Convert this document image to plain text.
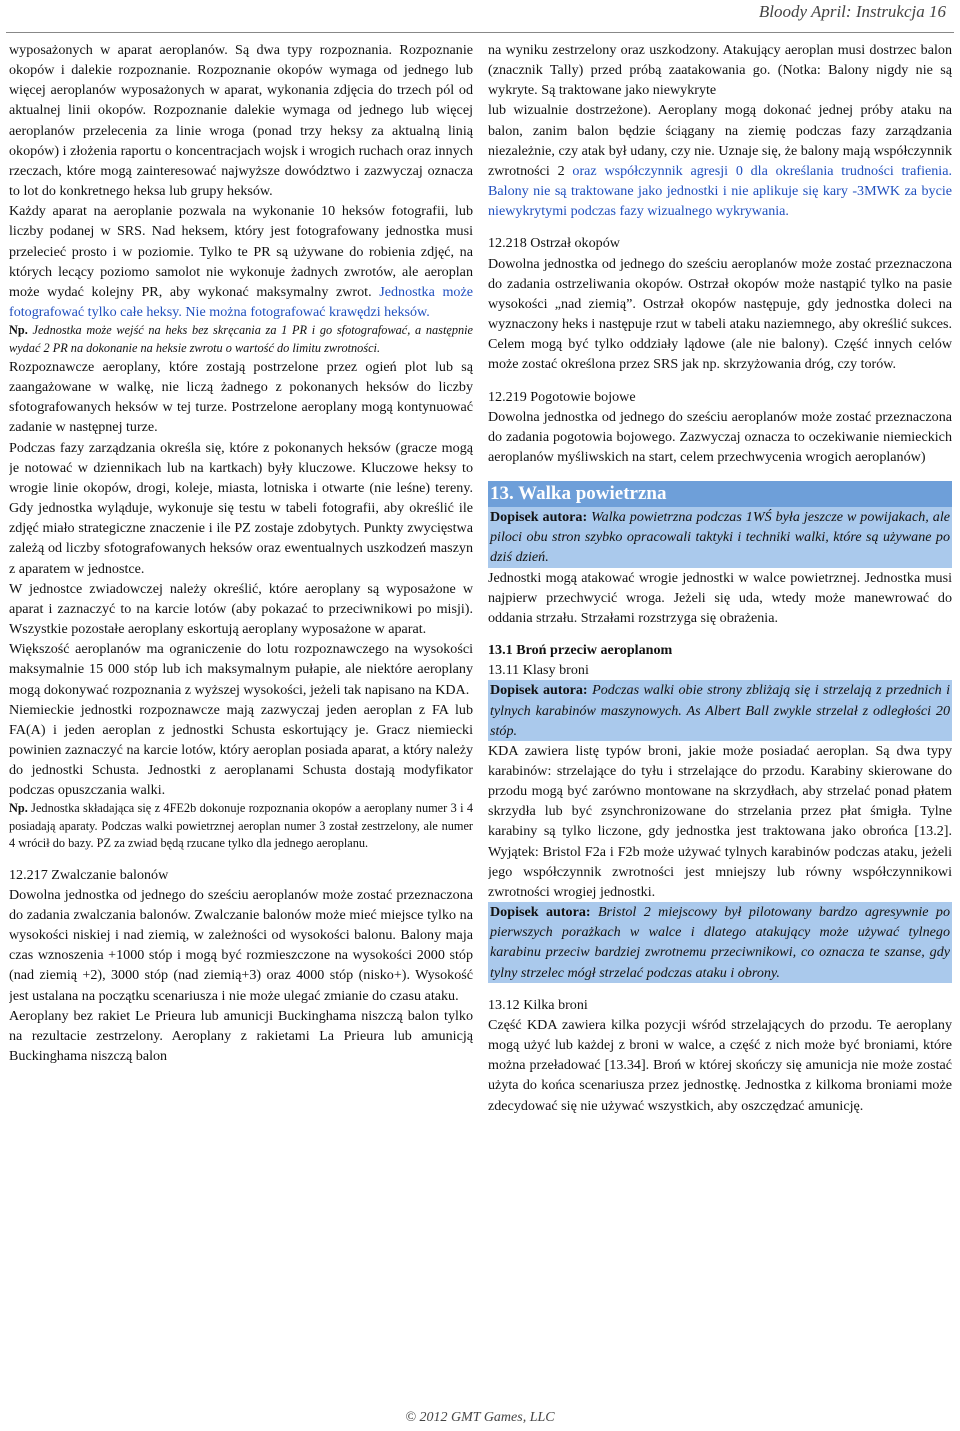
Bloody April: Instrukcja 16

wyposażonych w aparat aeroplanów. Są dwa typy rozpoznania. Rozpoznanie okopów i dalekie rozpoznanie. Rozpoznanie okopów wymaga od jednego lub więcej aeroplanów wyposażonych w aparat, wykonania zdjęcia do trzech pól od aktualnej linii okopów. Rozpoznanie dalekie wymaga od jednego lub więcej aeroplanów przelecenia za linie wroga (ponad trzy heksy za aktualną linią okopów) i złożenia raportu o koncentracjach wojsk i wrogich ruchach oraz innych rzeczach, które mogą zainteresować najwyższe dowództwo i zazwyczaj oznacza to lot do konkretnego heksa lub grupy heksów.

Każdy aparat na aeroplanie pozwala na wykonanie 10 heksów fotografii, lub liczby podanej w SRS. Nad heksem, który jest fotografowany jednostka musi przelecieć prosto i w poziomie. Tylko te PR są używane do robienia zdjęć, na których lecący poziomo samolot nie wykonuje żadnych zwrotów, ale aeroplan może wydać kolejny PR, aby wykonać maksymalny zwrot. Jednostka może fotografować tylko całe heksy. Nie można fotografować krawędzi heksów.

Np. Jednostka może wejść na heks bez skręcania za 1 PR i go sfotografować, a następnie wydać 2 PR na dokonanie na heksie zwrotu o wartość do limitu zwrotności.

Rozpoznawcze aeroplany, które zostają postrzelone przez ogień plot lub są zaangażowane w walkę, nie liczą żadnego z pokonanych heksów do liczby sfotografowanych heksów w tej turze. Postrzelone aeroplany mogą kontynuować zadanie w następnej turze.

Podczas fazy zarządzania określa się, które z pokonanych heksów (gracze mogą je notować w dziennikach lub na kartkach) były kluczowe. Kluczowe heksy to wrogie linie okopów, drogi, koleje, miasta, lotniska i otwarte (nie leśne) tereny. Gdy jednostka wyląduje, wykonuje się testu w tabeli fotografii, aby określić ile zdjęć miało strategiczne znaczenie i ile PZ zostaje zdobytych. Punkty zwycięstwa zależą od liczby sfotografowanych heksów oraz ewentualnych uszkodzeń maszyn z aparatem w jednostce.

W jednostce zwiadowczej należy określić, które aeroplany są wyposażone w aparat i zaznaczyć to na karcie lotów (aby pokazać to przeciwnikowi po misji). Wszystkie pozostałe aeroplany eskortują aeroplany wyposażone w aparat.

Większość aeroplanów ma ograniczenie do lotu rozpoznawczego na wysokości maksymalnie 15 000 stóp lub ich maksymalnym pułapie, ale niektóre aeroplany mogą dokonywać rozpoznania z wyższej wysokości, jeżeli tak napisano na KDA.

Niemieckie jednostki rozpoznawcze mają zazwyczaj jeden aeroplan z FA lub FA(A) i jeden aeroplan z jednostki Schusta eskortujący je. Gracz niemiecki powinien zaznaczyć na karcie lotów, który aeroplan posiada aparat, a który należy do jednostki Schusta. Jednostki z aeroplanami Schusta dostają modyfikator podczas opuszczania walki.

Np. Jednostka składająca się z 4FE2b dokonuje rozpoznania okopów a aeroplany numer 3 i 4 posiadają aparaty. Podczas walki powietrznej aeroplan numer 3 został zestrzelony, ale numer 4 wrócił do bazy. PZ za zwiad będą rzucane tylko dla jednego aeroplanu.

12.217 Zwalczanie balonów

Dowolna jednostka od jednego do sześciu aeroplanów może zostać przeznaczona do zadania zwalczania balonów. Zwalczanie balonów może mieć miejsce tylko na wysokości niskiej i nad ziemią, w zależności od wysokości balonu. Balony maja czas wznoszenia +1000 stóp i mogą być rozmieszczone na wysokości 2000 stóp (nad ziemią +2), 3000 stóp (nad ziemią+3) oraz 4000 stóp (nisko+). Wysokość jest ustalana na początku scenariusza i nie może ulegać zmianie do czasu ataku.

Aeroplany bez rakiet Le Prieura lub amunicji Buckinghama niszczą balon tylko na rezultacie zestrzelony. Aeroplany z rakietami La Prieura lub amunicją Buckinghama niszczą balon

na wyniku zestrzelony oraz uszkodzony. Atakujący aeroplan musi dostrzec balon (znacznik Tally) przed próbą zaatakowania go. (Notka: Balony nigdy nie są wykryte. Są traktowane jako niewykryte

lub wizualnie dostrzeżone). Aeroplany mogą dokonać jednej próby ataku na balon, zanim balon będzie ściągany na ziemię podczas fazy zarządzania niezależnie, czy atak był udany, czy nie. Uznaje się, że balony mają współczynnik zwrotności 2 oraz współczynnik agresji 0 dla określania trudności trafienia. Balony nie są traktowane jako jednostki i nie aplikuje się kary -3MWK za bycie niewykrytymi podczas fazy wizualnego wykrywania.

12.218 Ostrzał okopów

Dowolna jednostka od jednego do sześciu aeroplanów może zostać przeznaczona do zadania ostrzeliwania okopów. Ostrzał okopów może nastąpić tylko na pasie wysokości „nad ziemią”. Ostrzał okopów następuje, gdy jednostka doleci na wyznaczony heks i następuje rzut w tabeli ataku naziemnego, aby określić sukces. Celem mogą być tylko oddziały lądowe (ale nie balony). Część innych celów może zostać określona przez SRS jak np. skrzyżowania dróg, czy torów.

12.219 Pogotowie bojowe

Dowolna jednostka od jednego do sześciu aeroplanów może zostać przeznaczona do zadania pogotowia bojowego. Zazwyczaj oznacza to oczekiwanie niemieckich aeroplanów myśliwskich na start, celem przechwycenia wrogich aeroplanów)

13. Walka powietrzna

Dopisek autora: Walka powietrzna podczas 1WŚ była jeszcze w powijakach, ale piloci obu stron szybko opracowali taktyki i techniki walki, które są używane po dziś dzień.

Jednostki mogą atakować wrogie jednostki w walce powietrznej. Jednostka musi najpierw przechwycić wroga. Jeżeli się uda, wtedy może manewrować do oddania strzału. Strzałami rozstrzyga się obrażenia.

13.1 Broń przeciw aeroplanom

13.11 Klasy broni

Dopisek autora: Podczas walki obie strony zbliżają się i strzelają z przednich i tylnych karabinów maszynowych. As Albert Ball zwykle strzelał z odległości 20 stóp.

KDA zawiera listę typów broni, jakie może posiadać aeroplan. Są dwa typy karabinów: strzelające do tyłu i strzelające do przodu. Karabiny skierowane do przodu mogą być zarówno montowane na skrzydłach, aby strzelać ponad płatem skrzydła lub być zsynchronizowane do strzelania przez płat śmigła. Tylne karabiny są tylko liczone, gdy jednostka jest traktowana jako obrońca [13.2]. Wyjątek: Bristol F2a i F2b może używać tylnych karabinów podczas ataku, jeżeli jego współczynnik zwrotności jest mniejszy lub równy współczynnikowi zwrotności wrogiej jednostki.

Dopisek autora: Bristol 2 miejscowy był pilotowany bardzo agresywnie po pierwszych porażkach w walce i dlatego atakujący może używać tylnego karabinu przeciw bardziej zwrotnemu przeciwnikowi, co oznacza te szanse, gdy tylny strzelec mógł strzelać podczas ataku i obrony.

13.12 Kilka broni

Część KDA zawiera kilka pozycji wśród strzelających do przodu. Te aeroplany mogą użyć lub każdej z broni w walce, a część z nich może być broniami, które można przeładować [13.34]. Broń w której skończy się amunicja nie może zostać użyta do końca scenariusza przez jednostkę. Jednostka z kilkoma broniami może zdecydować się nie używać wszystkich, aby oszczędzać amunicję.

© 2012 GMT Games, LLC
